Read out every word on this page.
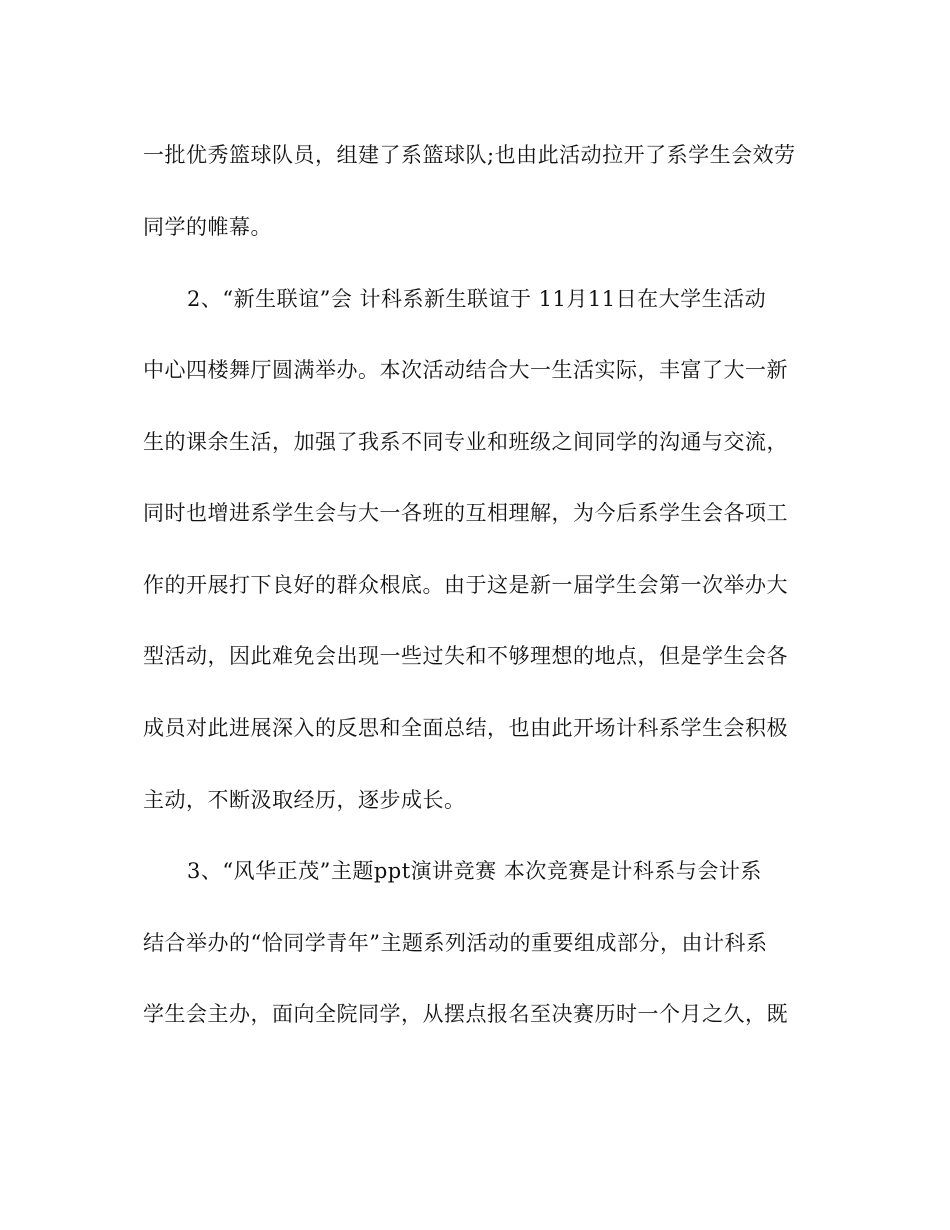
一批优秀篮球队员，组建了系篮球队;也由此活动拉开了系学生会效劳
同学的帷幕。
2、“新生联谊”会 计科系新生联谊于 11月11日在大学生活动
中心四楼舞厅圆满举办。本次活动结合大一生活实际，丰富了大一新
生的课余生活，加强了我系不同专业和班级之间同学的沟通与交流，
同时也增进系学生会与大一各班的互相理解，为今后系学生会各项工
作的开展打下良好的群众根底。由于这是新一届学生会第一次举办大
型活动，因此难免会出现一些过失和不够理想的地点，但是学生会各
成员对此进展深入的反思和全面总结，也由此开场计科系学生会积极
主动，不断汲取经历，逐步成长。
3、“风华正茂”主题ppt演讲竞赛 本次竞赛是计科系与会计系
结合举办的“恰同学青年”主题系列活动的重要组成部分，由计科系
学生会主办，面向全院同学，从摆点报名至决赛历时一个月之久，既
